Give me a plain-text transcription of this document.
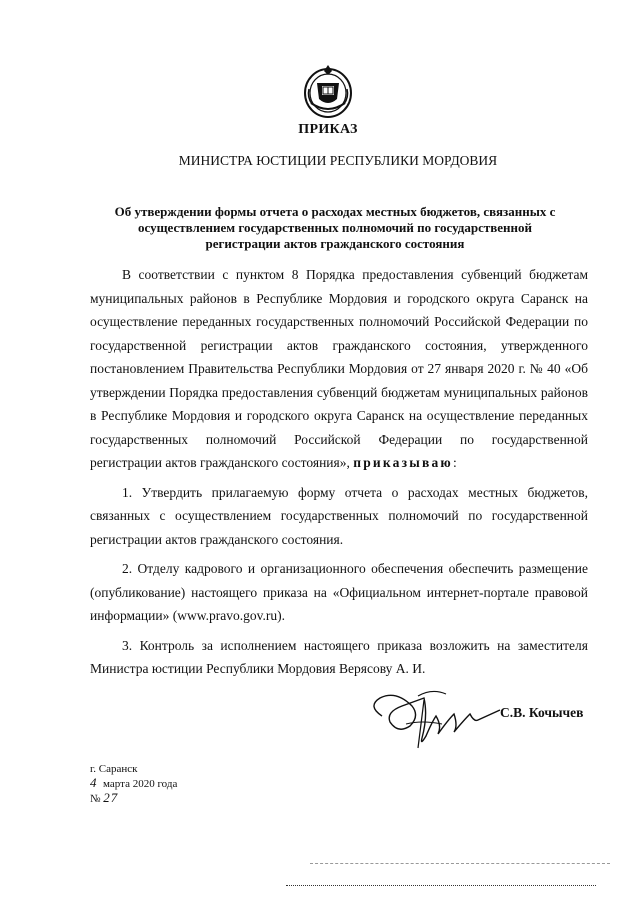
ПРИКАЗ
МИНИСТРА ЮСТИЦИИ РЕСПУБЛИКИ МОРДОВИЯ
Об утверждении формы отчета о расходах местных бюджетов, связанных с осуществлением государственных полномочий по государственной регистрации актов гражданского состояния

В соответствии с пунктом 8 Порядка предоставления субвенций бюджетам муниципальных районов в Республике Мордовия и городского округа Саранск на осуществление переданных государственных полномочий Российской Федерации по государственной регистрации актов гражданского состояния, утвержденного постановлением Правительства Республики Мордовия от 27 января 2020 г. № 40 «Об утверждении Порядка предоставления субвенций бюджетам муниципальных районов в Республике Мордовия и городского округа Саранск на осуществление переданных государственных полномочий Российской Федерации по государственной регистрации актов гражданского состояния», приказываю:

1. Утвердить прилагаемую форму отчета о расходах местных бюджетов, связанных с осуществлением государственных полномочий по государственной регистрации актов гражданского состояния.

2. Отделу кадрового и организационного обеспечения обеспечить размещение (опубликование) настоящего приказа на «Официальном интернет-портале правовой информации» (www.pravo.gov.ru).

3. Контроль за исполнением настоящего приказа возложить на заместителя Министра юстиции Республики Мордовия Верясову А. И.

С.В. Кочычев
г. Саранск
4 марта 2020 года
№ 27
